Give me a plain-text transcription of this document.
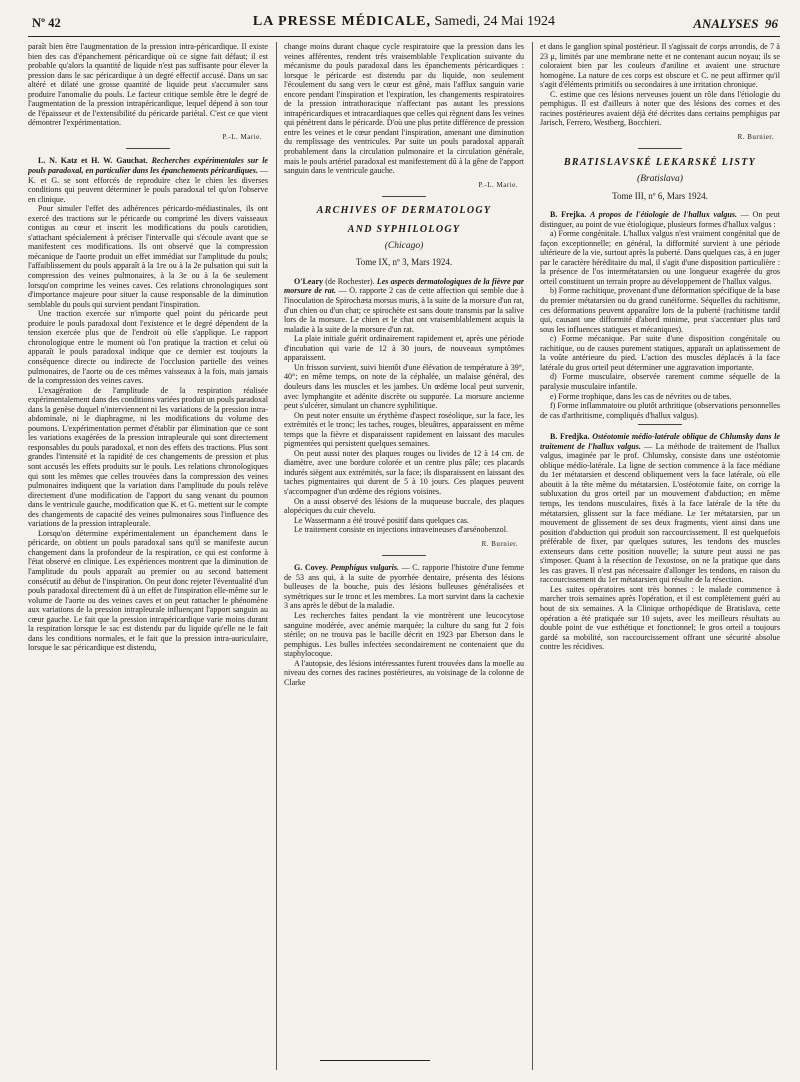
Nº 42	LA PRESSE MÉDICALE, Samedi, 24 Mai 1924	ANALYSES 96

paraît bien être l'augmentation de la pression intra-péricardique. Il existe bien des cas d'épanchement péricardique où ce signe fait défaut; il est probable qu'alors la quantité de liquide n'est pas suffisante pour élever la pression dans le sac péricardique à un degré effectif accusé. Dans un sac altéré et dilaté une grosse quantité de liquide peut s'accumuler sans produire l'anomalie du pouls. Le facteur critique semble être le degré de l'augmentation de la pression intrapéricardique, lequel dépend à son tour de l'épaisseur et de l'extensibilité du péricarde pariétal. C'est ce que vient démontrer l'expérimentation.

P.-L. Marie.

L. N. Katz et H. W. Gauchat. Recherches expérimentales sur le pouls paradoxal, en particulier dans les épanchements péricardiques. — K. et G. se sont efforcés de reproduire chez le chien les diverses conditions qui peuvent déterminer le pouls paradoxal tel qu'on l'observe en clinique.

Pour simuler l'effet des adhérences péricardo-médiastinales, ils ont exercé des tractions sur le péricarde ou comprimé les divers vaisseaux contigus au cœur et inscrit les modifications du pouls carotidien, s'attachant spécialement à préciser l'intervalle qui s'écoule avant que se manifestent ces modifications. Ils ont observé que la compression mécanique de l'aorte produit un effet immédiat sur l'amplitude du pouls; l'affaiblissement du pouls apparaît à la 1re ou à la 2e pulsation qui suit la compression des veines pulmonaires, à la 3e ou à la 6e seulement lorsqu'on comprime les veines caves. Ces relations chronologiques sont d'importance majeure pour situer la cause responsable de la diminution semblable du pouls qui survient pendant l'inspiration.

Une traction exercée sur n'importe quel point du péricarde peut produire le pouls paradoxal dont l'existence et le degré dépendent de la tension exercée plus que de l'endroit où elle s'applique. Le rapport chronologique entre le moment où l'on pratique la traction et celui où apparaît le pouls paradoxal indique que ce dernier est toujours la conséquence directe ou indirecte de l'occlusion partielle des veines pulmonaires, de l'aorte ou de ces mêmes vaisseaux à la fois, mais jamais de la compression des veines caves.

L'exagération de l'amplitude de la respiration réalisée expérimentalement dans des conditions variées produit un pouls paradoxal dans la genèse duquel n'interviennent ni les variations de la pression intra-abdominale, ni le diaphragme, ni les modifications du volume des poumons. L'expérimentation permet d'établir par élimination que ce sont les variations exagérées de la pression intrapleurale qui sont directement responsables du pouls paradoxal, et non des effets des tractions. Plus sont grandes l'intensité et la rapidité de ces changements de pression et plus sont accusés les effets produits sur le pouls. Les relations chronologiques qui sont les mêmes que celles trouvées dans la compression des veines pulmonaires indiquent que la variation dans l'amplitude du pouls relève directement d'une modification de l'apport du sang venant du poumon dans le ventricule gauche, modification que K. et G. mettent sur le compte des changements de capacité des veines pulmonaires sous l'influence des variations de la pression intrapleurale.

Lorsqu'on détermine expérimentalement un épanchement dans le péricarde, on obtient un pouls paradoxal sans qu'il se manifeste aucun changement dans la profondeur de la respiration, ce qui est conforme à l'état observé en clinique. Les expériences montrent que la diminution de l'amplitude du pouls apparaît au premier ou au second battement consécutif au début de l'inspiration. On peut donc rejeter l'éventualité d'un pouls paradoxal directement dû à un effet de l'inspiration elle-même sur le volume de l'aorte ou des veines caves et on peut rattacher le phénomène aux variations de la pression intrapleurale influençant l'apport sanguin au cœur gauche. Le fait que la pression intrapéricardique varie moins durant la respiration lorsque le sac est distendu par du liquide qu'elle ne le fait dans les conditions normales, et le fait que la pression intra-auriculaire, lorsque le sac péricardique est distendu,

change moins durant chaque cycle respiratoire que la pression dans les veines afférentes, rendent très vraisemblable l'explication suivante du mécanisme du pouls paradoxal dans les épanchements péricardiques : lorsque le péricarde est distendu par du liquide, non seulement l'écoulement du sang vers le cœur est gêné, mais l'afflux sanguin varie encore pendant l'inspiration et l'expiration, les changements respiratoires de la pression intrathoracique n'affectant pas autant les pressions intrapéricardiques et intracardiaques que celles qui règnent dans les veines qui pénètrent dans le péricarde. D'où une plus petite différence de pression entre les veines et le cœur pendant l'inspiration, amenant une diminution du remplissage des ventricules. Par suite un pouls paradoxal apparaît probablement dans la circulation pulmonaire et la circulation générale, mais le pouls artériel paradoxal est manifestement dû à la gêne de l'apport sanguin dans le ventricule gauche.

P.-L. Marie.

ARCHIVES OF DERMATOLOGY

AND SYPHILOLOGY

(Chicago)

Tome IX, nº 3, Mars 1924.

O'Leary (de Rochester). Les aspects dermatologiques de la fièvre par morsure de rat. — O. rapporte 2 cas de cette affection qui semble due à l'inoculation de Spirochæta morsus muris, à la suite de la morsure d'un rat, d'un chien ou d'un chat; ce spirochète est sans doute transmis par la salive lors de la morsure. Le chien et le chat ont vraisemblablement acquis la maladie à la suite de la morsure d'un rat.

La plaie initiale guérit ordinairement rapidement et, après une période d'incubation qui varie de 12 à 30 jours, de nouveaux symptômes apparaissent.

Un frisson survient, suivi bientôt d'une élévation de température à 39°, 40°; en même temps, on note de la céphalée, un malaise général, des douleurs dans les muscles et les jambes. Un œdème local peut survenir, avec lymphangite et adénite discrète ou suppurée. La morsure ancienne peut s'ulcérer, simulant un chancre syphilitique.

On peut noter ensuite un érythème d'aspect roséolique, sur la face, les extrémités et le tronc; les taches, rouges, bleuâtres, apparaissent en même temps que la fièvre et disparaissent rapidement en laissant des macules pigmentées qui persistent quelques semaines.

On peut aussi noter des plaques rouges ou livides de 12 à 14 cm. de diamètre, avec une bordure colorée et un centre plus pâle; ces placards indurés siègent aux extrémités, sur la face; ils disparaissent en laissant des taches pigmentaires qui durent de 5 à 10 jours. Ces plaques peuvent s'accompagner d'un œdème des régions voisines.

On a aussi observé des lésions de la muqueuse buccale, des plaques alopéciques du cuir chevelu.

Le Wassermann a été trouvé positif dans quelques cas.

Le traitement consiste en injections intraveineuses d'arsénobenzol.

R. Burnier.

G. Covey. Pemphigus vulgaris. — C. rapporte l'histoire d'une femme de 53 ans qui, à la suite de pyorrhée dentaire, présenta des lésions bulleuses de la bouche, puis des lésions bulleuses généralisées et symétriques sur le tronc et les membres. La mort survint dans la cachexie 3 ans après le début de la maladie.

Les recherches faites pendant la vie montrèrent une leucocytose sanguine modérée, avec anémie marquée; la culture du sang fut 2 fois stérile; on ne trouva pas le bacille décrit en 1923 par Eberson dans le pemphigus. Les bulles infectées secondairement ne contenaient que du staphylocoque.

A l'autopsie, des lésions intéressantes furent trouvées dans la moelle au niveau des cornes des racines postérieures, au voisinage de la colonne de Clarke

et dans le ganglion spinal postérieur. Il s'agissait de corps arrondis, de 7 à 23 μ, limités par une membrane nette et ne contenant aucun noyau; ils se coloraient bien par les couleurs d'aniline et avaient une structure homogène. La nature de ces corps est obscure et C. ne peut affirmer qu'il s'agit d'éléments primitifs ou secondaires à une irritation chronique.

C. estime que ces lésions nerveuses jouent un rôle dans l'étiologie du pemphigus. Il est d'ailleurs à noter que des lésions des cornes et des racines postérieures avaient déjà été décrites dans certains pemphigus par Jarisch, Ferrero, Westberg, Bocchieri.

R. Burnier.

BRATISLAVSKÉ LEKARSKÉ LISTY

(Bratislava)

Tome III, nº 6, Mars 1924.

B. Frejka. A propos de l'étiologie de l'hallux valgus. — On peut distinguer, au point de vue étiologique, plusieurs formes d'hallux valgus :

a) Forme congénitale. L'hallux valgus n'est vraiment congénital que de façon exceptionnelle; en général, la difformité survient à une période ultérieure de la vie, surtout après la puberté. Dans quelques cas, à en juger par le caractère héréditaire du mal, il s'agit d'une disposition particulière : la présence de l'os intermétatarsien ou une longueur exagérée du gros orteil constituent un terrain propre au développement de l'hallux valgus.

b) Forme rachitique, provenant d'une déformation spécifique de la base du premier métatarsien ou du grand cunéiforme. Séquelles du rachitisme, ces déformations peuvent apparaître lors de la puberté (rachitisme tardif qui, causant une difformité d'abord minime, peut s'accentuer plus tard sous les influences statiques et mécaniques).

c) Forme mécanique. Par suite d'une disposition congénitale ou rachitique, ou de causes purement statiques, apparaît un aplatissement de la voûte antérieure du pied. L'action des muscles déplacés à la face latérale du gros orteil peut déterminer une aggravation importante.

d) Forme musculaire, observée rarement comme séquelle de la paralysie musculaire infantile.

e) Forme trophique, dans les cas de névrites ou de tabes.

f) Forme inflammatoire ou plutôt arthritique (observations personnelles de cas d'arthritisme, compliqués d'hallux valgus).

B. Fredjka. Ostéotomie médio-latérale oblique de Chlumsky dans le traitement de l'hallux valgus. — La méthode de traitement de l'hallux valgus, imaginée par le prof. Chlumsky, consiste dans une ostéotomie oblique médio-latérale. La ligne de section commence à la face médiane du 1er métatarsien et descend obliquement vers la face latérale, où elle aboutit à la tête même du métatarsien. L'ostéotomie faite, on corrige la subluxation du gros orteil par un mouvement d'abduction; en même temps, les tendons musculaires, fixés à la face latérale de la tête du métatarsien, glissent sur la face médiane. Le 1er métatarsien, par un mouvement de glissement de ses deux fragments, vient ainsi dans une position d'abduction qui produit son raccourcissement. Il est quelquefois préférable de fixer, par quelques sutures, les tendons des muscles extenseurs dans cette position nouvelle; la suture peut aussi ne pas s'imposer. Quant à la résection de l'exostose, on ne la pratique que dans les cas graves. Il n'est pas nécessaire d'allonger les tendons, en raison du raccourcissement du 1er métatarsien qui résulte de la résection.

Les suites opératoires sont très bonnes : le malade commence à marcher trois semaines après l'opération, et il est complètement guéri au bout de six semaines. A la Clinique orthopédique de Bratislava, cette opération a été pratiquée sur 10 sujets, avec les meilleurs résultats au double point de vue esthétique et fonctionnel; le gros orteil a toujours gardé sa mobilité, son raccourcissement offrant une sécurité absolue contre les récidives.
